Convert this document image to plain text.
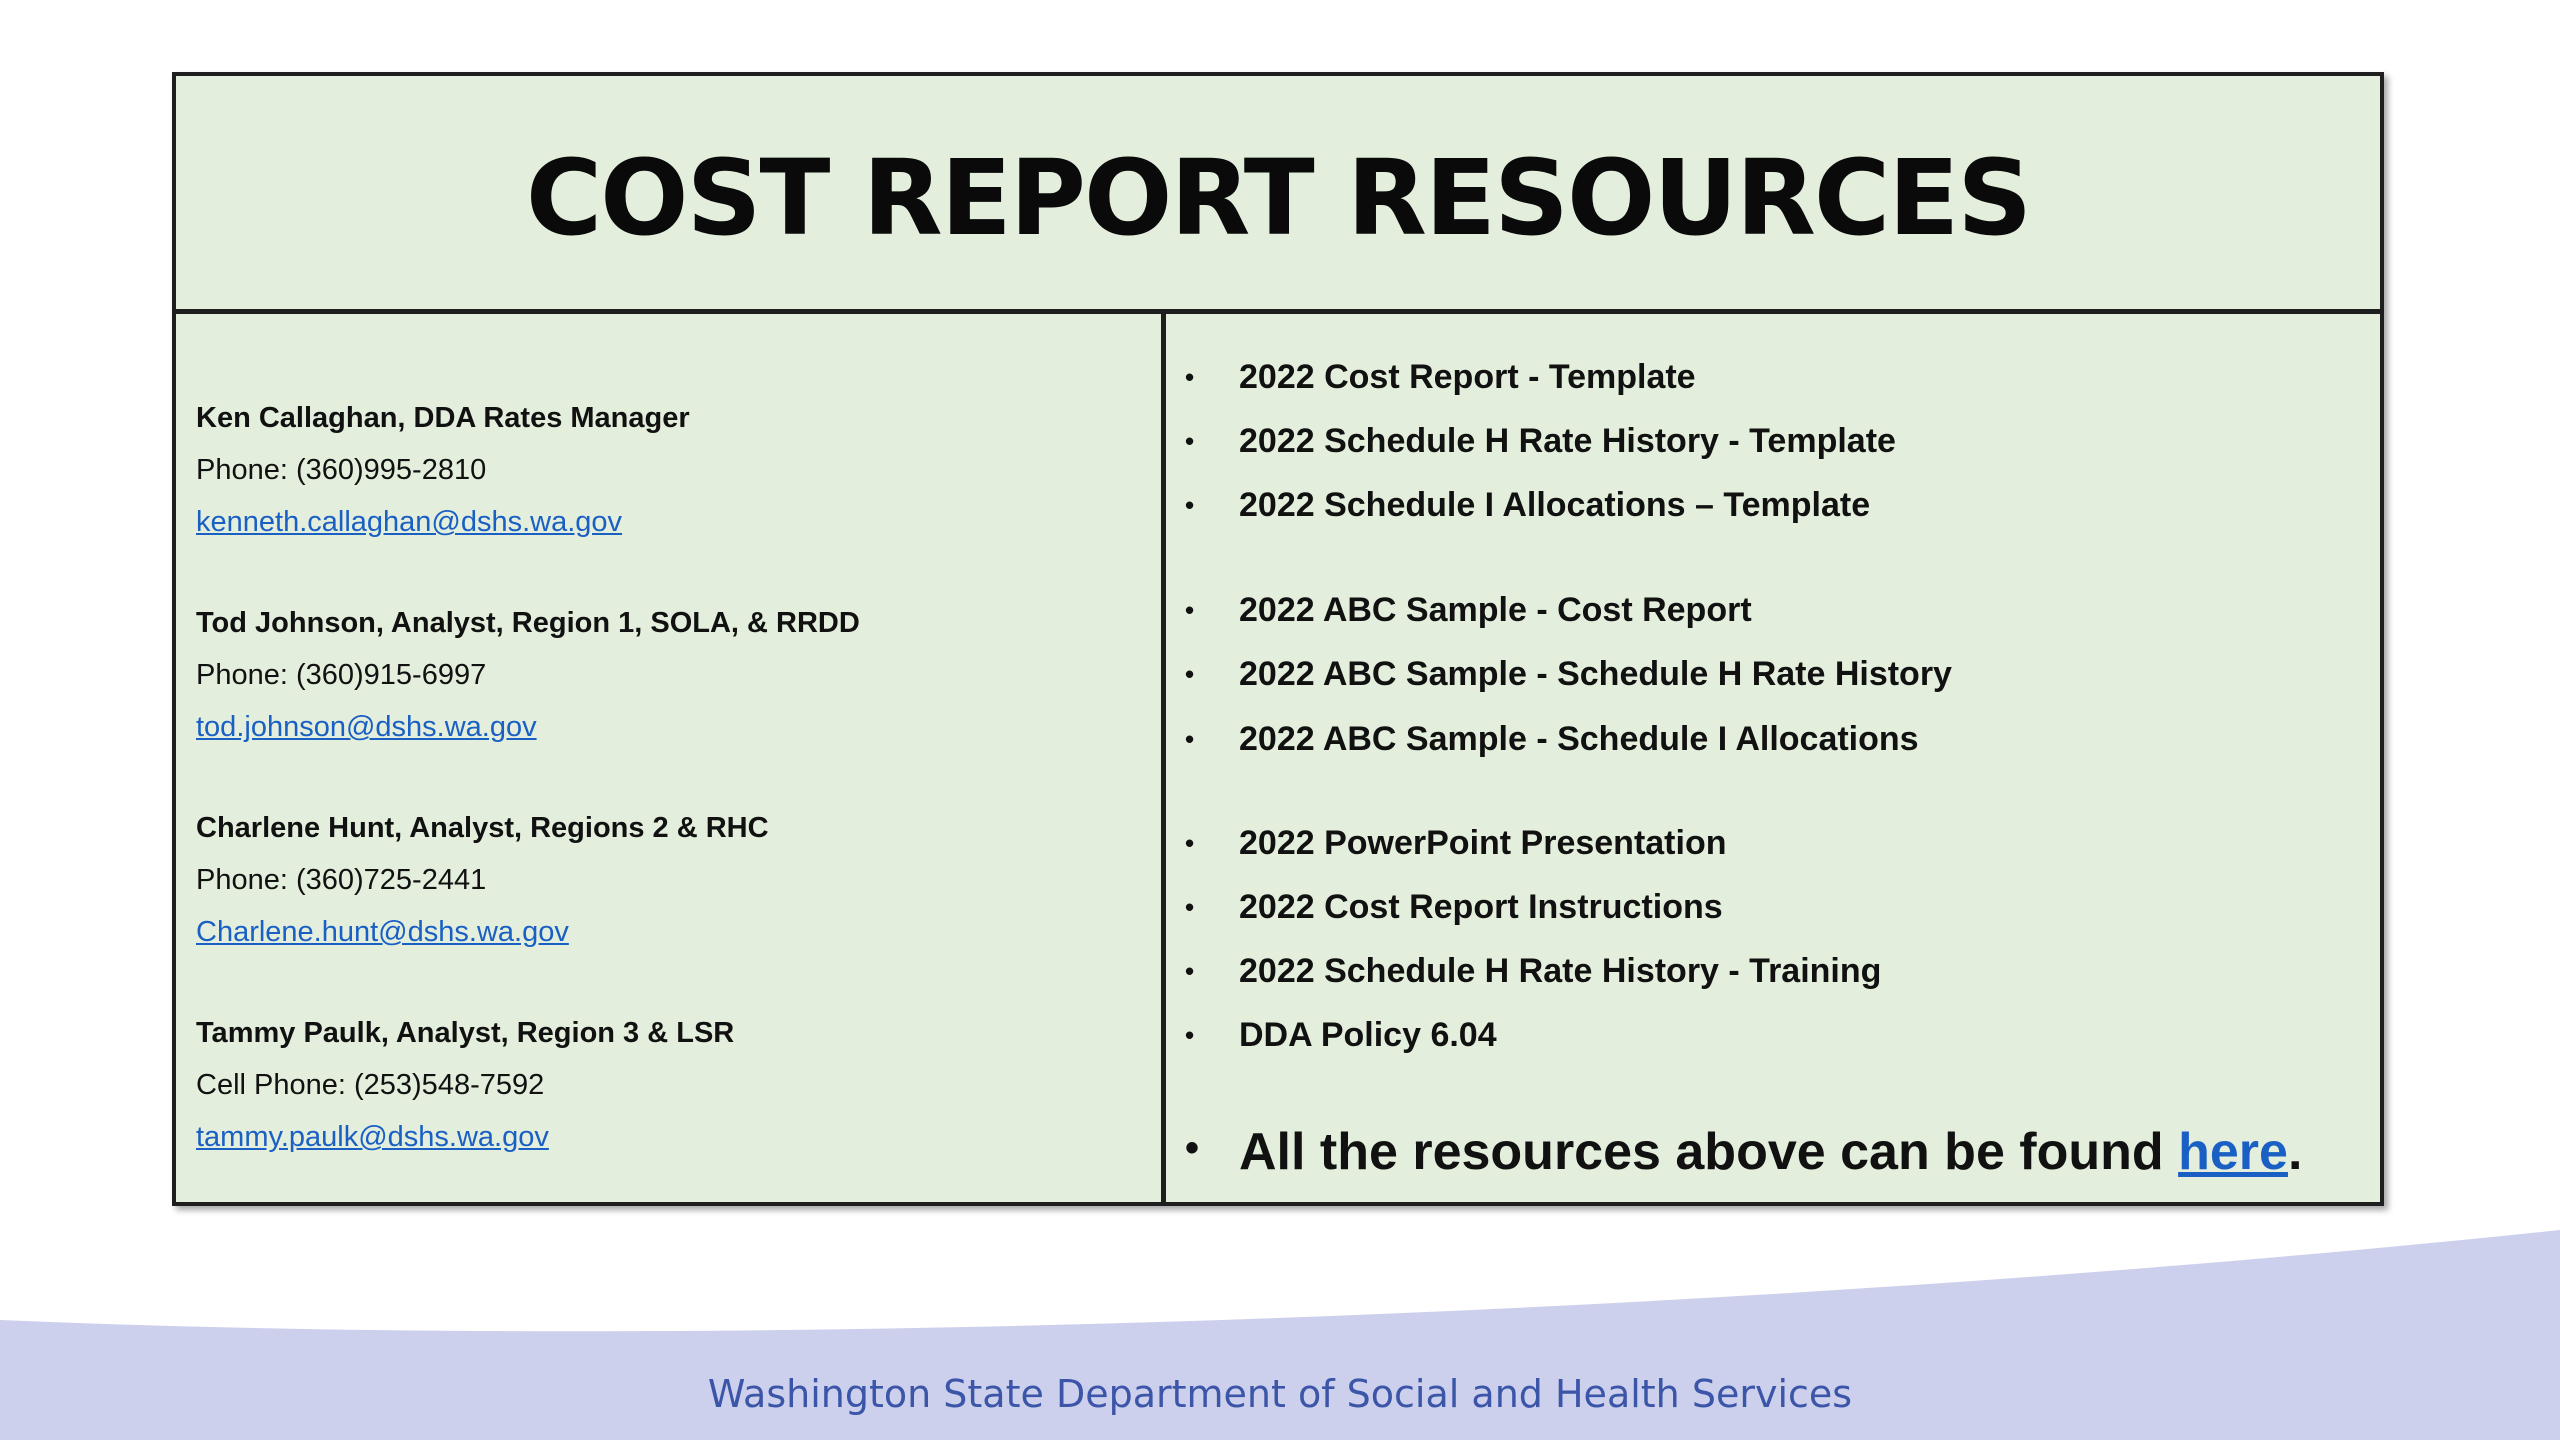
COST REPORT RESOURCES
Ken Callaghan, DDA Rates Manager
Phone: (360)995-2810
kenneth.callaghan@dshs.wa.gov
Tod Johnson, Analyst, Region 1, SOLA, & RRDD
Phone: (360)915-6997
tod.johnson@dshs.wa.gov
Charlene Hunt, Analyst, Regions 2 & RHC
Phone: (360)725-2441
Charlene.hunt@dshs.wa.gov
Tammy Paulk, Analyst, Region 3 & LSR
Cell Phone: (253)548-7592
tammy.paulk@dshs.wa.gov
• 2022 Cost Report - Template
• 2022 Schedule H Rate History - Template
• 2022 Schedule I Allocations – Template
• 2022 ABC Sample - Cost Report
• 2022 ABC Sample - Schedule H Rate History
• 2022 ABC Sample - Schedule I Allocations
• 2022 PowerPoint Presentation
• 2022 Cost Report Instructions
• 2022 Schedule H Rate History - Training
• DDA Policy 6.04
• All the resources above can be found here.
Washington State Department of Social and Health Services
